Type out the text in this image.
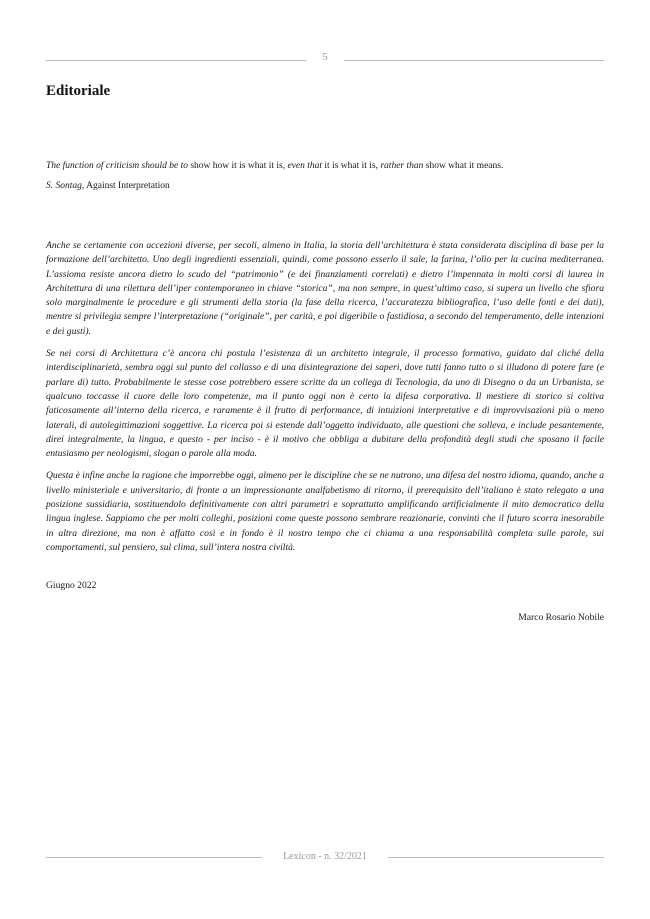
5
Editoriale

The function of criticism should be to show how it is what it is, even that it is what it is, rather than show what it means.

S. Sontag, Against Interpretation

Anche se certamente con accezioni diverse, per secoli, almeno in Italia, la storia dell’architettura è stata considerata disciplina di base per la formazione dell’architetto. Uno degli ingredienti essenziali, quindi, come possono esserlo il sale, la farina, l’olio per la cucina mediterranea. L’assioma resiste ancora dietro lo scudo del “patrimonio” (e dei finanziamenti correlati) e dietro l’impennata in molti corsi di laurea in Architettura di una rilettura dell’iper contemporaneo in chiave “storica”, ma non sempre, in quest’ultimo caso, si supera un livello che sfiora solo marginalmente le procedure e gli strumenti della storia (la fase della ricerca, l’accuratezza bibliografica, l’uso delle fonti e dei dati), mentre si privilegia sempre l’interpretazione (“originale”, per carità, e poi digeribile o fastidiosa, a secondo del temperamento, delle intenzioni e dei gusti).

Se nei corsi di Architettura c’è ancora chi postula l’esistenza di un architetto integrale, il processo formativo, guidato dal cliché della interdisciplinarietà, sembra oggi sul punto del collasso e di una disintegrazione dei saperi, dove tutti fanno tutto o si illudono di potere fare (e parlare di) tutto. Probabilmente le stesse cose potrebbero essere scritte da un collega di Tecnologia, da uno di Disegno o da un Urbanista, se qualcuno toccasse il cuore delle loro competenze, ma il punto oggi non è certo la difesa corporativa. Il mestiere di storico si coltiva faticosamente all’interno della ricerca, e raramente è il frutto di performance, di intuizioni interpretative e di improvvisazioni più o meno laterali, di autolegittimazioni soggettive. La ricerca poi si estende dall’oggetto individuato, alle questioni che solleva, e include pesantemente, direi integralmente, la lingua, e questo - per inciso - è il motivo che obbliga a dubitare della profondità degli studi che sposano il facile entusiasmo per neologismi, slogan o parole alla moda.

Questa è infine anche la ragione che imporrebbe oggi, almeno per le discipline che se ne nutrono, una difesa del nostro idioma, quando, anche a livello ministeriale e universitario, di fronte a un impressionante analfabetismo di ritorno, il prerequisito dell’italiano è stato relegato a una posizione sussidiaria, sostituendolo definitivamente con altri parametri e soprattutto amplificando artificialmente il mito democratico della lingua inglese. Sappiamo che per molti colleghi, posizioni come queste possono sembrare reazionarie, convinti che il futuro scorra inesorabile in altra direzione, ma non è affatto così e in fondo è il nostro tempo che ci chiama a una responsabilità completa sulle parole, sui comportamenti, sul pensiero, sul clima, sull’intera nostra civiltà.

Giugno 2022

Marco Rosario Nobile

Lexicon - n. 32/2021
